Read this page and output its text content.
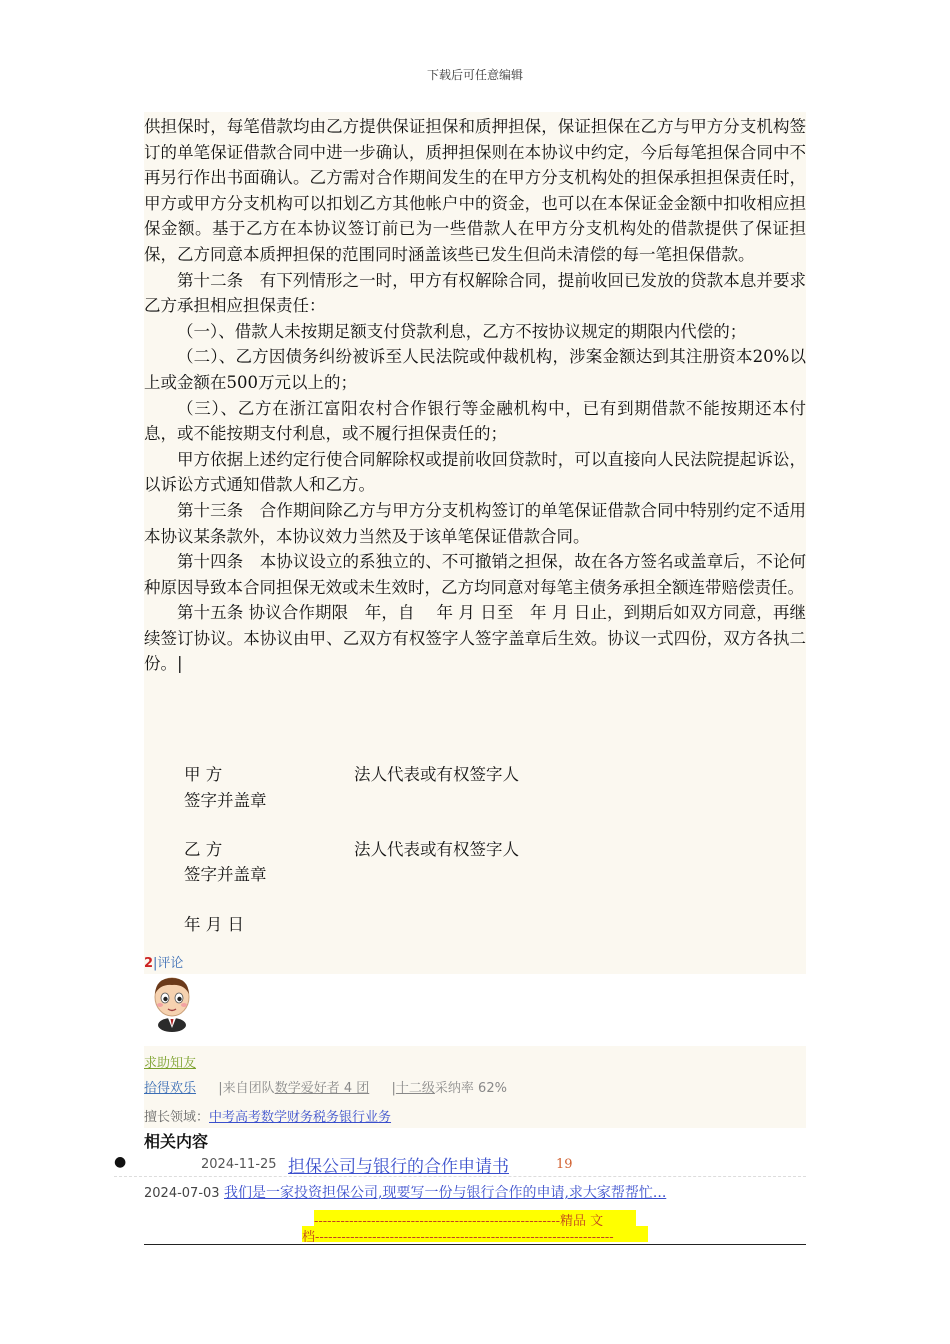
下载后可任意编辑

供担保时，每笔借款均由乙方提供保证担保和质押担保，保证担保在乙方与甲方分支机构签订的单笔保证借款合同中进一步确认，质押担保则在本协议中约定，今后每笔担保合同中不再另行作出书面确认。乙方需对合作期间发生的在甲方分支机构处的担保承担担保责任时，甲方或甲方分支机构可以扣划乙方其他帐户中的资金，也可以在本保证金金额中扣收相应担保金额。基于乙方在本协议签订前已为一些借款人在甲方分支机构处的借款提供了保证担保，乙方同意本质押担保的范围同时涵盖该些已发生但尚未清偿的每一笔担保借款。

第十二条　有下列情形之一时，甲方有权解除合同，提前收回已发放的贷款本息并要求乙方承担相应担保责任：

（一）、借款人未按期足额支付贷款利息，乙方不按协议规定的期限内代偿的；

（二）、乙方因债务纠纷被诉至人民法院或仲裁机构，涉案金额达到其注册资本20%以上或金额在500万元以上的；

（三）、乙方在浙江富阳农村合作银行等金融机构中，已有到期借款不能按期还本付息，或不能按期支付利息，或不履行担保责任的；

甲方依据上述约定行使合同解除权或提前收回贷款时，可以直接向人民法院提起诉讼，以诉讼方式通知借款人和乙方。

第十三条　合作期间除乙方与甲方分支机构签订的单笔保证借款合同中特别约定不适用本协议某条款外，本协议效力当然及于该单笔保证借款合同。

第十四条　本协议设立的系独立的、不可撤销之担保，故在各方签名或盖章后，不论何种原因导致本合同担保无效或未生效时，乙方均同意对每笔主债务承担全额连带赔偿责任。

第十五条 协议合作期限　年，自　 年 月 日至　年 月 日止，到期后如双方同意，再继续签订协议。本协议由甲、乙双方有权签字人签字盖章后生效。协议一式四份，双方各执二份。|

甲 方	法人代表或有权签字人
签字并盖章
乙 方	法人代表或有权签字人
签字并盖章
年 月 日
2|评论
求助知友
拾得欢乐 |来自团队数学爱好者 4 团 |十二级采纳率 62%
擅长领域：中考高考数学财务税务银行业务
相关内容
●	2024-11-25 担保公司与银行的合作申请书	19
2024-07-03 我们是一家投资担保公司,现要写一份与银行合作的申请,求大家帮帮忙...
--------------------------------------------------------精品 文
档--------------------------------------------------------------------
